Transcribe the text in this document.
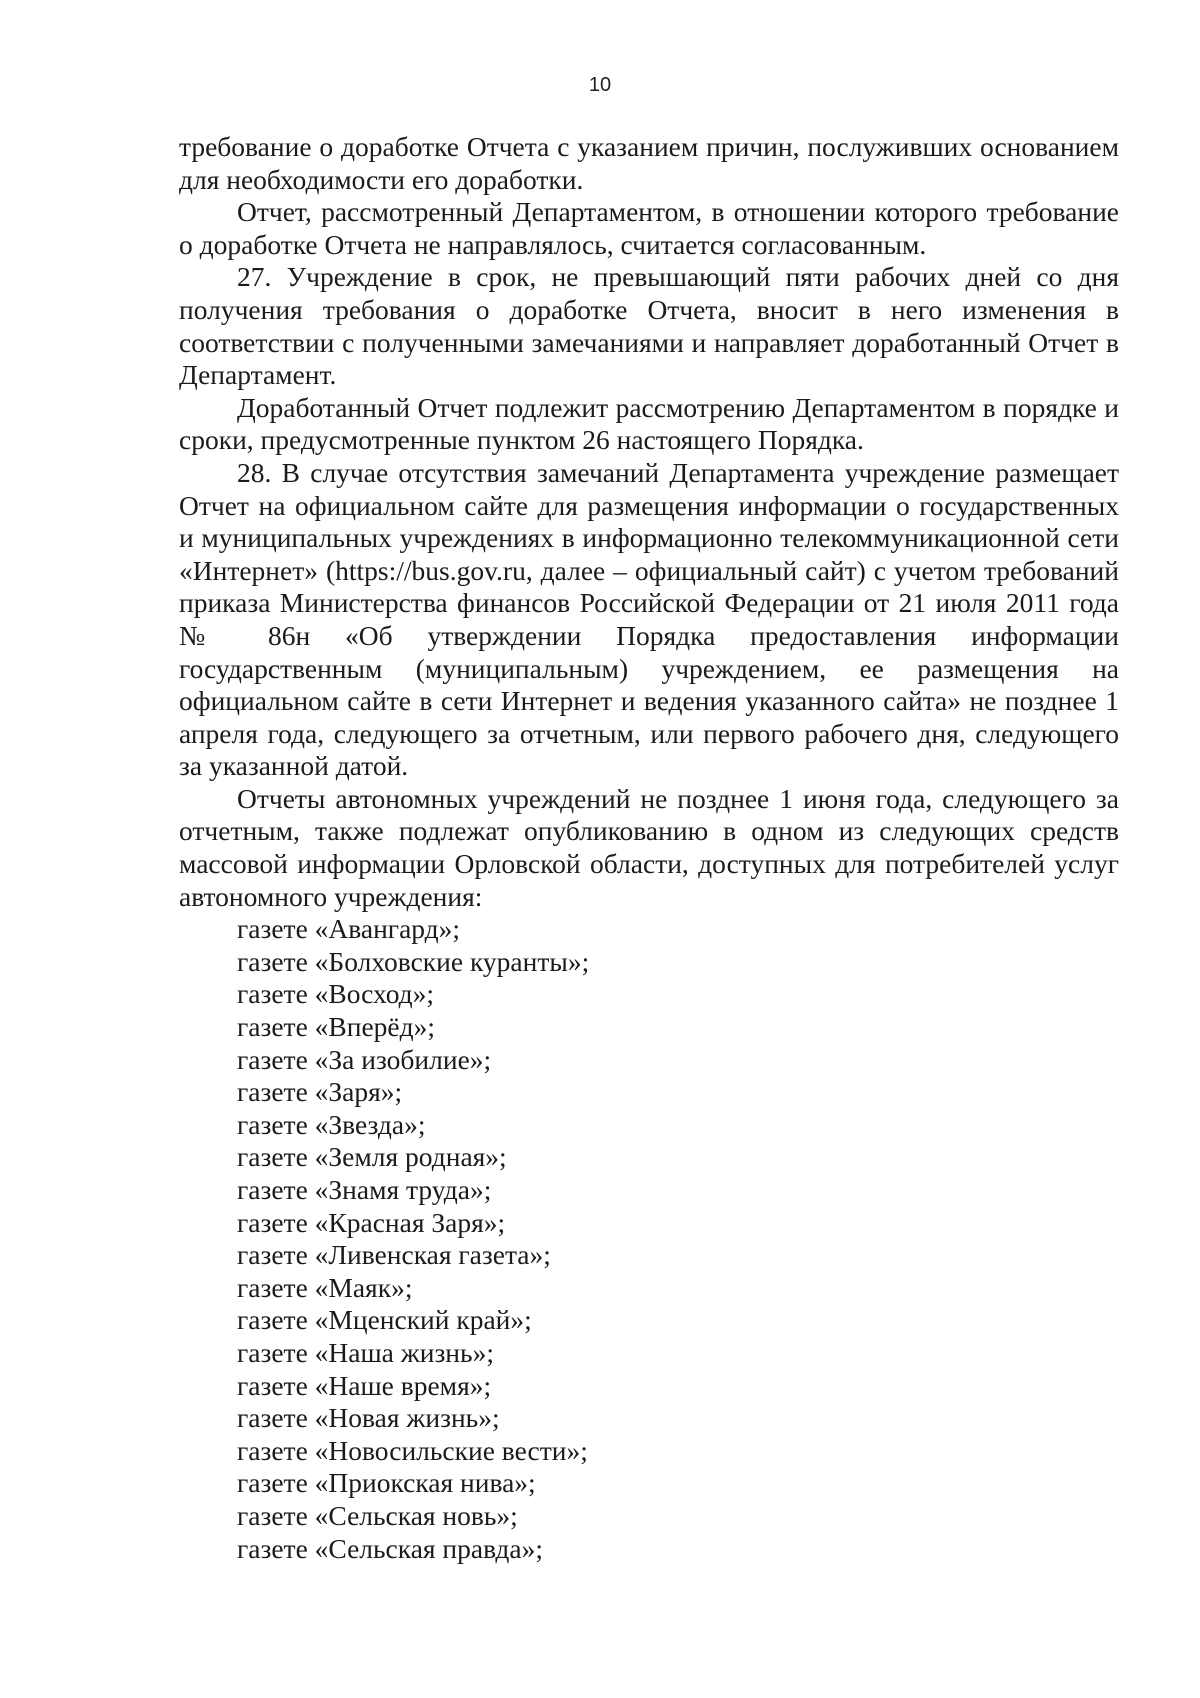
10

требование о доработке Отчета с указанием причин, послуживших основанием для необходимости его доработки.

Отчет, рассмотренный Департаментом, в отношении которого требование о доработке Отчета не направлялось, считается согласованным.

27. Учреждение в срок, не превышающий пяти рабочих дней со дня получения требования о доработке Отчета, вносит в него изменения в соответствии с полученными замечаниями и направляет доработанный Отчет в Департамент.

Доработанный Отчет подлежит рассмотрению Департаментом в порядке и сроки, предусмотренные пунктом 26 настоящего Порядка.

28. В случае отсутствия замечаний Департамента учреждение размещает Отчет на официальном сайте для размещения информации о государственных и муниципальных учреждениях в информационно телекоммуникационной сети «Интернет» (https://bus.gov.ru, далее – официальный сайт) с учетом требований приказа Министерства финансов Российской Федерации от 21 июля 2011 года № 86н «Об утверждении Порядка предоставления информации государственным (муниципальным) учреждением, ее размещения на официальном сайте в сети Интернет и ведения указанного сайта» не позднее 1 апреля года, следующего за отчетным, или первого рабочего дня, следующего за указанной датой.

Отчеты автономных учреждений не позднее 1 июня года, следующего за отчетным, также подлежат опубликованию в одном из следующих средств массовой информации Орловской области, доступных для потребителей услуг автономного учреждения:

газете «Авангард»;
газете «Болховские куранты»;
газете «Восход»;
газете «Вперёд»;
газете «За изобилие»;
газете «Заря»;
газете «Звезда»;
газете «Земля родная»;
газете «Знамя труда»;
газете «Красная Заря»;
газете «Ливенская газета»;
газете «Маяк»;
газете «Мценский край»;
газете «Наша жизнь»;
газете «Наше время»;
газете «Новая жизнь»;
газете «Новосильские вести»;
газете «Приокская нива»;
газете «Сельская новь»;
газете «Сельская правда»;
